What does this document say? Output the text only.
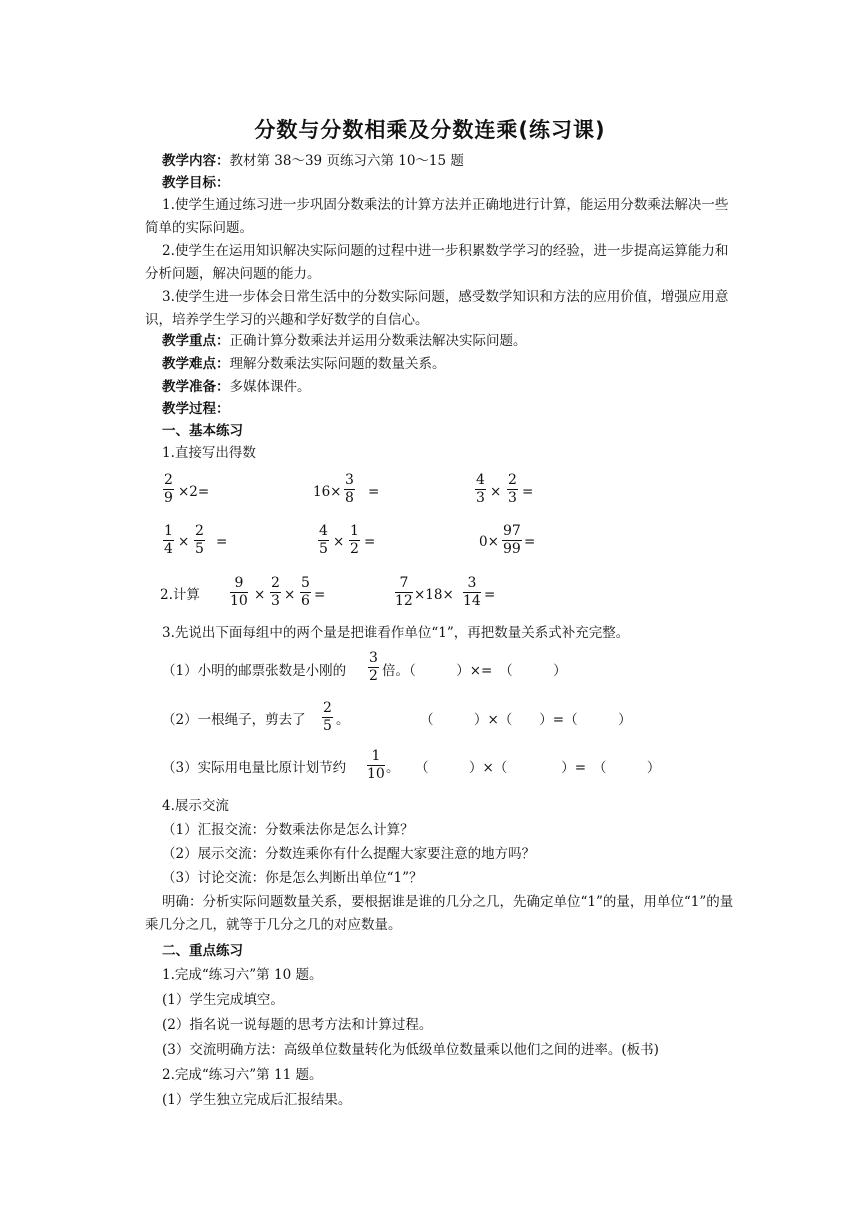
分数与分数相乘及分数连乘(练习课)
教学内容：教材第 38～39 页练习六第 10～15 题
教学目标：
1.使学生通过练习进一步巩固分数乘法的计算方法并正确地进行计算，能运用分数乘法解决一些简单的实际问题。
2.使学生在运用知识解决实际问题的过程中进一步积累数学学习的经验，进一步提高运算能力和分析问题，解决问题的能力。
3.使学生进一步体会日常生活中的分数实际问题，感受数学知识和方法的应用价值，增强应用意识，培养学生学习的兴趣和学好数学的自信心。
教学重点：正确计算分数乘法并运用分数乘法解决实际问题。
教学难点：理解分数乘法实际问题的数量关系。
教学准备：多媒体课件。
教学过程：
一、基本练习
1.直接写出得数
$\frac{2}{9} \times 2=$	$16\times \frac{3}{8}$ =	$\frac{4}{3} \times \frac{2}{3}$ =
$\frac{1}{4} \times \frac{2}{5}$ =	$\frac{4}{5} \times \frac{1}{2}$ =	$0\times \frac{97}{99}$ =
2.计算 $\frac{9}{10} \times \frac{2}{3} \times \frac{5}{6}$ =	$\frac{7}{12} \times 18\times \frac{3}{14}$ =
3.先说出下面每组中的两个量是把谁看作单位“1”，再把数量关系式补充完整。
（1）小明的邮票张数是小刚的 $\frac{3}{2}$ 倍。（　　　）×=　（　　　）
（2）一根绳子，剪去了 $\frac{2}{5}$ 。	（　　　）×（　　）=（　　　）
（3）实际用电量比原计划节约 $\frac{1}{10}$ 。 （　　　）×（　　　　）=　（　　　）
4.展示交流
（1）汇报交流：分数乘法你是怎么计算？
（2）展示交流：分数连乘你有什么提醒大家要注意的地方吗？
（3）讨论交流：你是怎么判断出单位“1”？
明确：分析实际问题数量关系，要根据谁是谁的几分之几，先确定单位“1”的量，用单位“1”的量乘几分之几，就等于几分之几的对应数量。
二、重点练习
1.完成“练习六”第 10 题。
(1）学生完成填空。
(2）指名说一说每题的思考方法和计算过程。
(3）交流明确方法：高级单位数量转化为低级单位数量乘以他们之间的进率。(板书)
2.完成“练习六”第 11 题。
(1）学生独立完成后汇报结果。
